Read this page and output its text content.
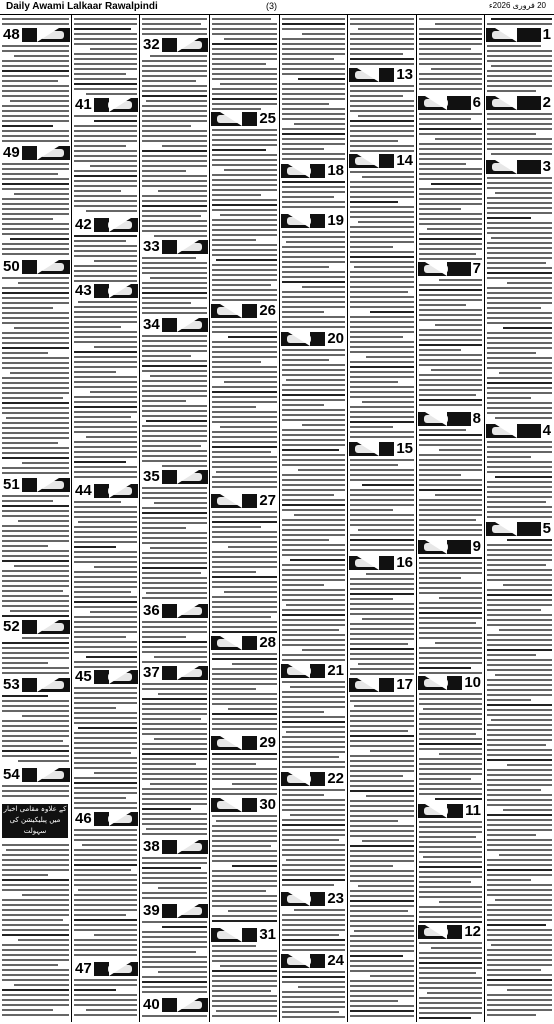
Daily Awami Lalkaar Rawalpindi	(3)	20 فروری 2026ء
کے علاوہ مقامی اخبار میں پبلیکیشن کی سہولت
1
2
3
4
5
6
7
8
9
10
11
12
13
14
15
16
17
18
19
20
21
22
23
24
25
26
27
28
29
30
31
32
33
34
35
36
37
38
39
40
41
42
43
44
45
46
47
48
49
50
51
52
53
54
